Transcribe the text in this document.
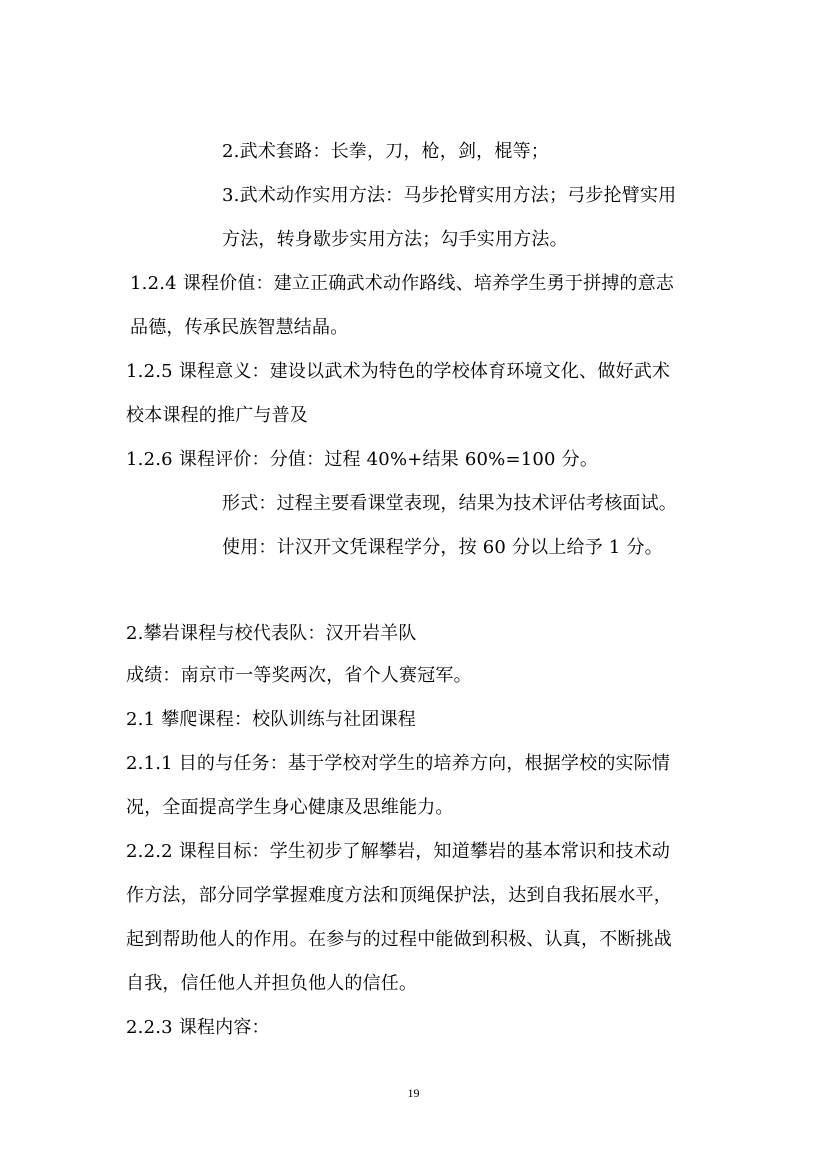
2.武术套路：长拳，刀，枪，剑，棍等；
3.武术动作实用方法：马步抡臂实用方法；弓步抡臂实用
方法，转身歇步实用方法；勾手实用方法。
1.2.4 课程价值：建立正确武术动作路线、培养学生勇于拼搏的意志
品德，传承民族智慧结晶。
1.2.5 课程意义：建设以武术为特色的学校体育环境文化、做好武术
校本课程的推广与普及
1.2.6 课程评价：分值：过程 40%+结果 60%=100 分。
形式：过程主要看课堂表现，结果为技术评估考核面试。
使用：计汉开文凭课程学分，按 60 分以上给予 1 分。
2.攀岩课程与校代表队：汉开岩羊队
成绩：南京市一等奖两次，省个人赛冠军。
2.1 攀爬课程：校队训练与社团课程
2.1.1 目的与任务：基于学校对学生的培养方向，根据学校的实际情
况，全面提高学生身心健康及思维能力。
2.2.2 课程目标：学生初步了解攀岩，知道攀岩的基本常识和技术动
作方法，部分同学掌握难度方法和顶绳保护法，达到自我拓展水平，
起到帮助他人的作用。在参与的过程中能做到积极、认真，不断挑战
自我，信任他人并担负他人的信任。
2.2.3 课程内容：
19
